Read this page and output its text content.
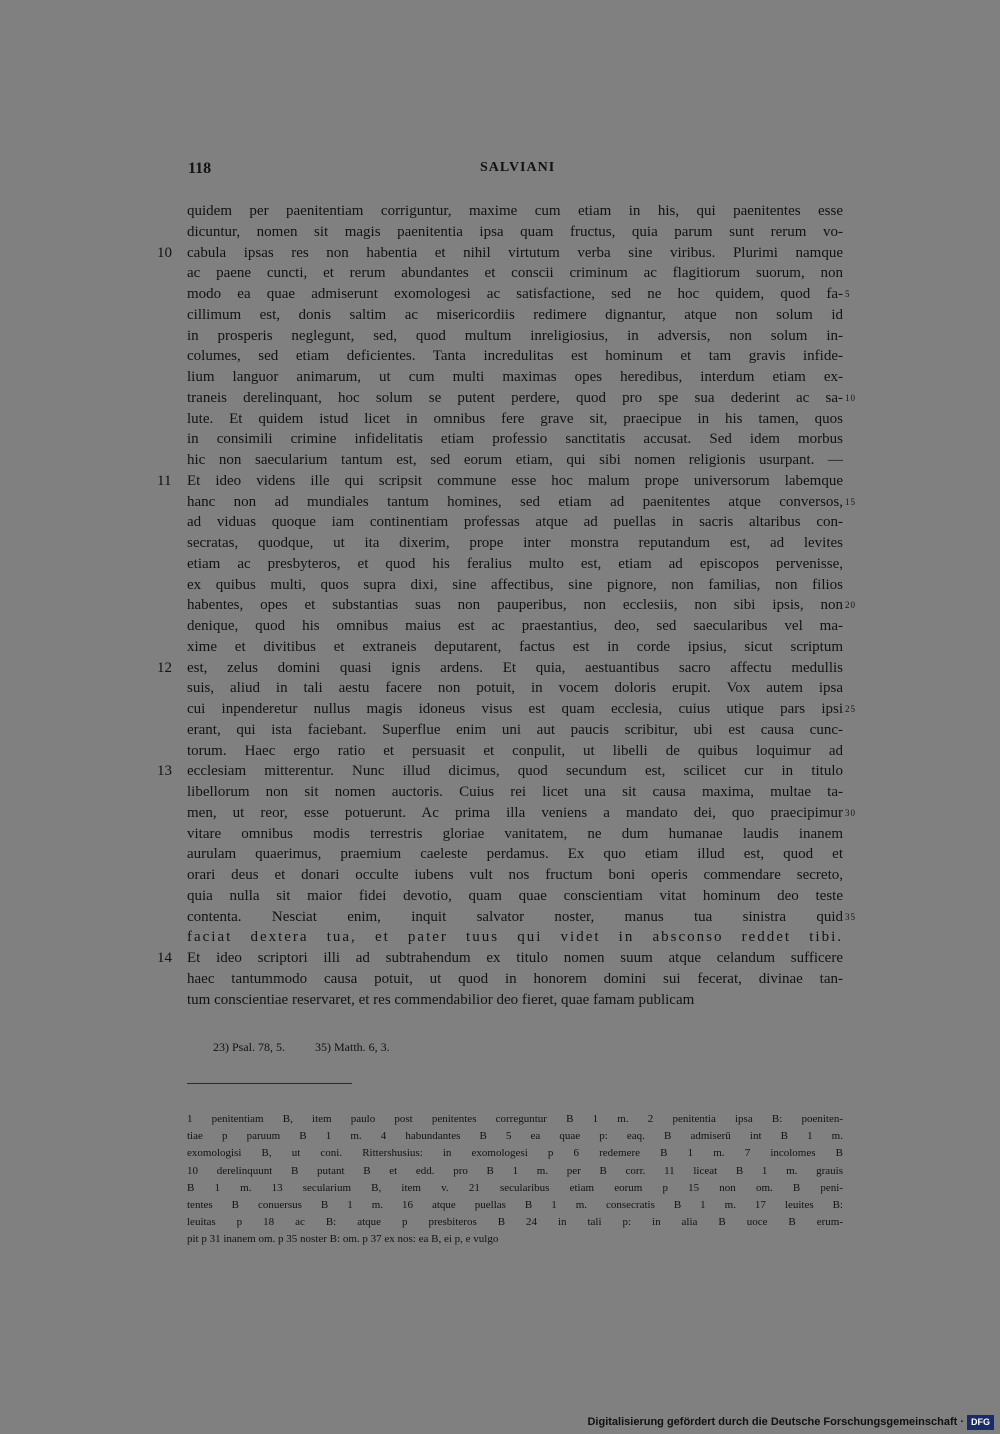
118	SALVIANI
quidem per paenitentiam corriguntur, maxime cum etiam in his, qui paenitentes esse
dicuntur, nomen sit magis paenitentia ipsa quam fructus, quia parum sunt rerum vo-
10	cabula ipsas res non habentia et nihil virtutum verba sine viribus. Plurimi namque
ac paene cuncti, et rerum abundantes et conscii criminum ac flagitiorum suorum, non
modo ea quae admiserunt exomologesi ac satisfactione, sed ne hoc quidem, quod fa- 5
cillimum est, donis saltim ac misericordiis redimere dignantur, atque non solum id
in prosperis neglegunt, sed, quod multum inreligiosius, in adversis, non solum in-
columes, sed etiam deficientes. Tanta incredulitas est hominum et tam gravis infide-
lium languor animarum, ut cum multi maximas opes heredibus, interdum etiam ex-
traneis derelinquant, hoc solum se putent perdere, quod pro spe sua dederint ac sa- 10
lute. Et quidem istud licet in omnibus fere grave sit, praecipue in his tamen, quos
in consimili crimine infidelitatis etiam professio sanctitatis accusat. Sed idem morbus
hic non saecularium tantum est, sed eorum etiam, qui sibi nomen religionis usurpant. —
11	Et ideo videns ille qui scripsit commune esse hoc malum prope universorum labemque
hanc non ad mundiales tantum homines, sed etiam ad paenitentes atque conversos, 15
ad viduas quoque iam continentiam professas atque ad puellas in sacris altaribus con-
secratas, quodque, ut ita dixerim, prope inter monstra reputandum est, ad levites
etiam ac presbyteros, et quod his feralius multo est, etiam ad episcopos pervenisse,
ex quibus multi, quos supra dixi, sine affectibus, sine pignore, non familias, non filios
habentes, opes et substantias suas non pauperibus, non ecclesiis, non sibi ipsis, non 20
denique, quod his omnibus maius est ac praestantius, deo, sed saecularibus vel ma-
xime et divitibus et extraneis deputarent, factus est in corde ipsius, sicut scriptum
12	est, zelus domini quasi ignis ardens. Et quia, aestuantibus sacro affectu medullis
suis, aliud in tali aestu facere non potuit, in vocem doloris erupit. Vox autem ipsa
cui inpenderetur nullus magis idoneus visus est quam ecclesia, cuius utique pars ipsi 25
erant, qui ista faciebant. Superflue enim uni aut paucis scribitur, ubi est causa cunc-
torum. Haec ergo ratio et persuasit et conpulit, ut libelli de quibus loquimur ad
13	ecclesiam mitterentur. Nunc illud dicimus, quod secundum est, scilicet cur in titulo
libellorum non sit nomen auctoris. Cuius rei licet una sit causa maxima, multae ta-
men, ut reor, esse potuerunt. Ac prima illa veniens a mandato dei, quo praecipimur 30
vitare omnibus modis terrestris gloriae vanitatem, ne dum humanae laudis inanem
aurulam quaerimus, praemium caeleste perdamus. Ex quo etiam illud est, quod et
orari deus et donari occulte iubens vult nos fructum boni operis commendare secreto,
quia nulla sit maior fidei devotio, quam quae conscientiam vitat hominum deo teste
contenta. Nesciat enim, inquit salvator noster, manus tua sinistra quid 35
faciat dextera tua, et pater tuus qui videt in absconso reddet tibi.
14	Et ideo scriptori illi ad subtrahendum ex titulo nomen suum atque celandum sufficere
haec tantummodo causa potuit, ut quod in honorem domini sui fecerat, divinae tan-
tum conscientiae reservaret, et res commendabilior deo fieret, quae famam publicam
23) Psal. 78, 5.          35) Matth. 6, 3.
1 penitentiam B, item paulo post penitentes correguntur B 1 m. 2 penitentia ipsa B: poeniten-
tiae p paruum B 1 m. 4 habundantes B 5 ea quae p: eaq. B admiserū int B 1 m.
exomologisi B, ut coni. Rittershusius: in exomologesi p 6 redemere B 1 m. 7 incolomes B
10 derelinquunt B putant B et edd. pro B 1 m. per B corr. 11 liceat B 1 m. grauis
B 1 m. 13 secularium B, item v. 21 secularibus etiam eorum p 15 non om. B peni-
tentes B conuersus B 1 m. 16 atque puellas B 1 m. consecratis B 1 m. 17 leuites B:
leuitas p 18 ac B: atque p presbiteros B 24 in tali p: in alia B uoce B erum-
pit p 31 inanem om. p 35 noster B: om. p 37 ex nos: ea B, ei p, e vulgo
Digitalisierung gefördert durch die Deutsche Forschungsgemeinschaft · DFG
